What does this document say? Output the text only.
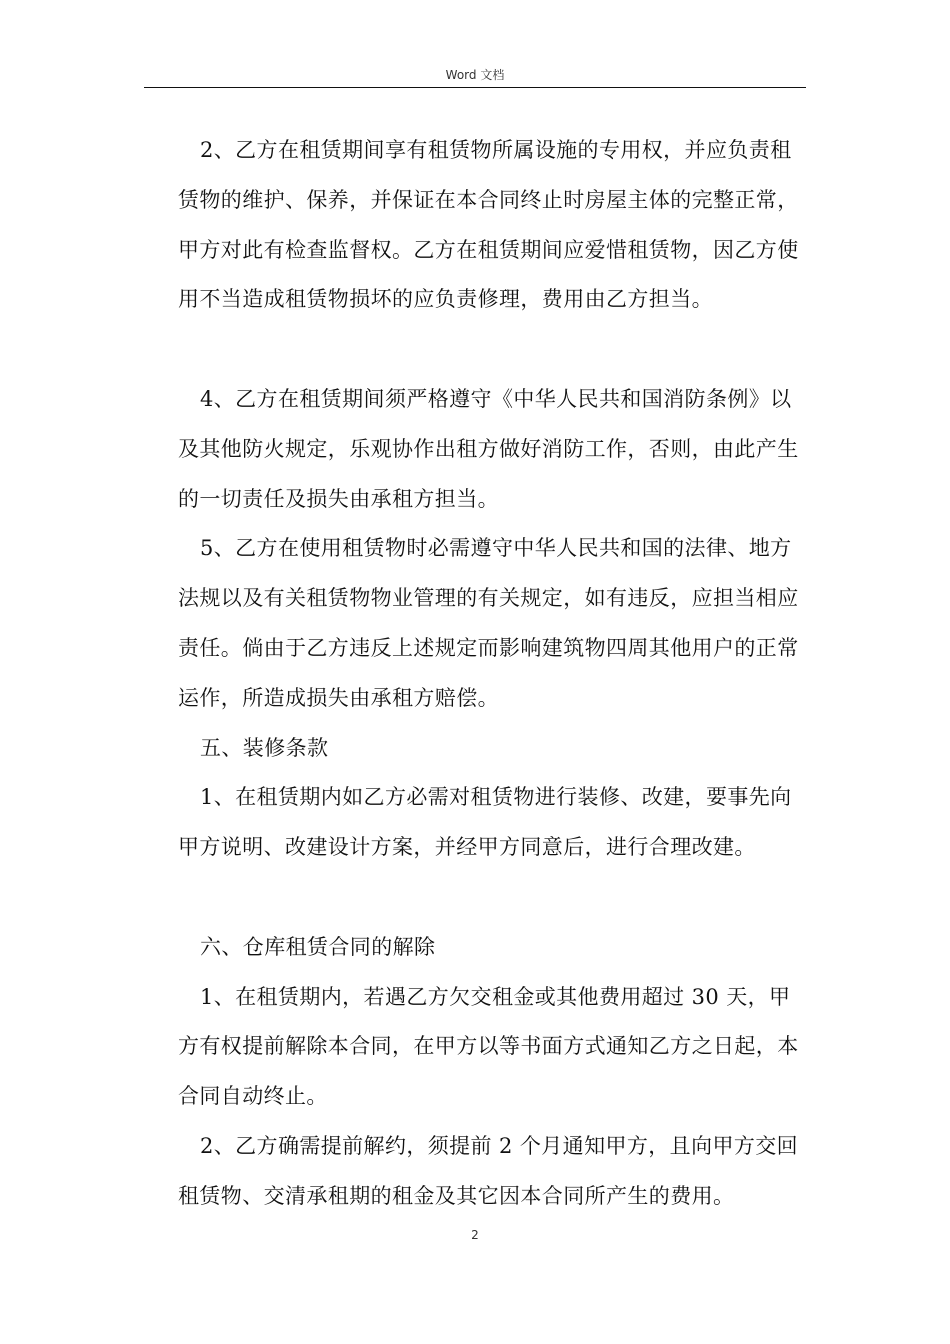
Word 文档

2、乙方在租赁期间享有租赁物所属设施的专用权，并应负责租赁物的维护、保养，并保证在本合同终止时房屋主体的完整正常，甲方对此有检查监督权。乙方在租赁期间应爱惜租赁物，因乙方使用不当造成租赁物损坏的应负责修理，费用由乙方担当。

4、乙方在租赁期间须严格遵守《中华人民共和国消防条例》以及其他防火规定，乐观协作出租方做好消防工作，否则，由此产生的一切责任及损失由承租方担当。

5、乙方在使用租赁物时必需遵守中华人民共和国的法律、地方法规以及有关租赁物物业管理的有关规定，如有违反，应担当相应责任。倘由于乙方违反上述规定而影响建筑物四周其他用户的正常运作，所造成损失由承租方赔偿。

五、装修条款

1、在租赁期内如乙方必需对租赁物进行装修、改建，要事先向甲方说明、改建设计方案，并经甲方同意后，进行合理改建。

六、仓库租赁合同的解除

1、在租赁期内，若遇乙方欠交租金或其他费用超过 30 天，甲方有权提前解除本合同，在甲方以等书面方式通知乙方之日起，本合同自动终止。

2、乙方确需提前解约，须提前 2 个月通知甲方，且向甲方交回租赁物、交清承租期的租金及其它因本合同所产生的费用。

2
